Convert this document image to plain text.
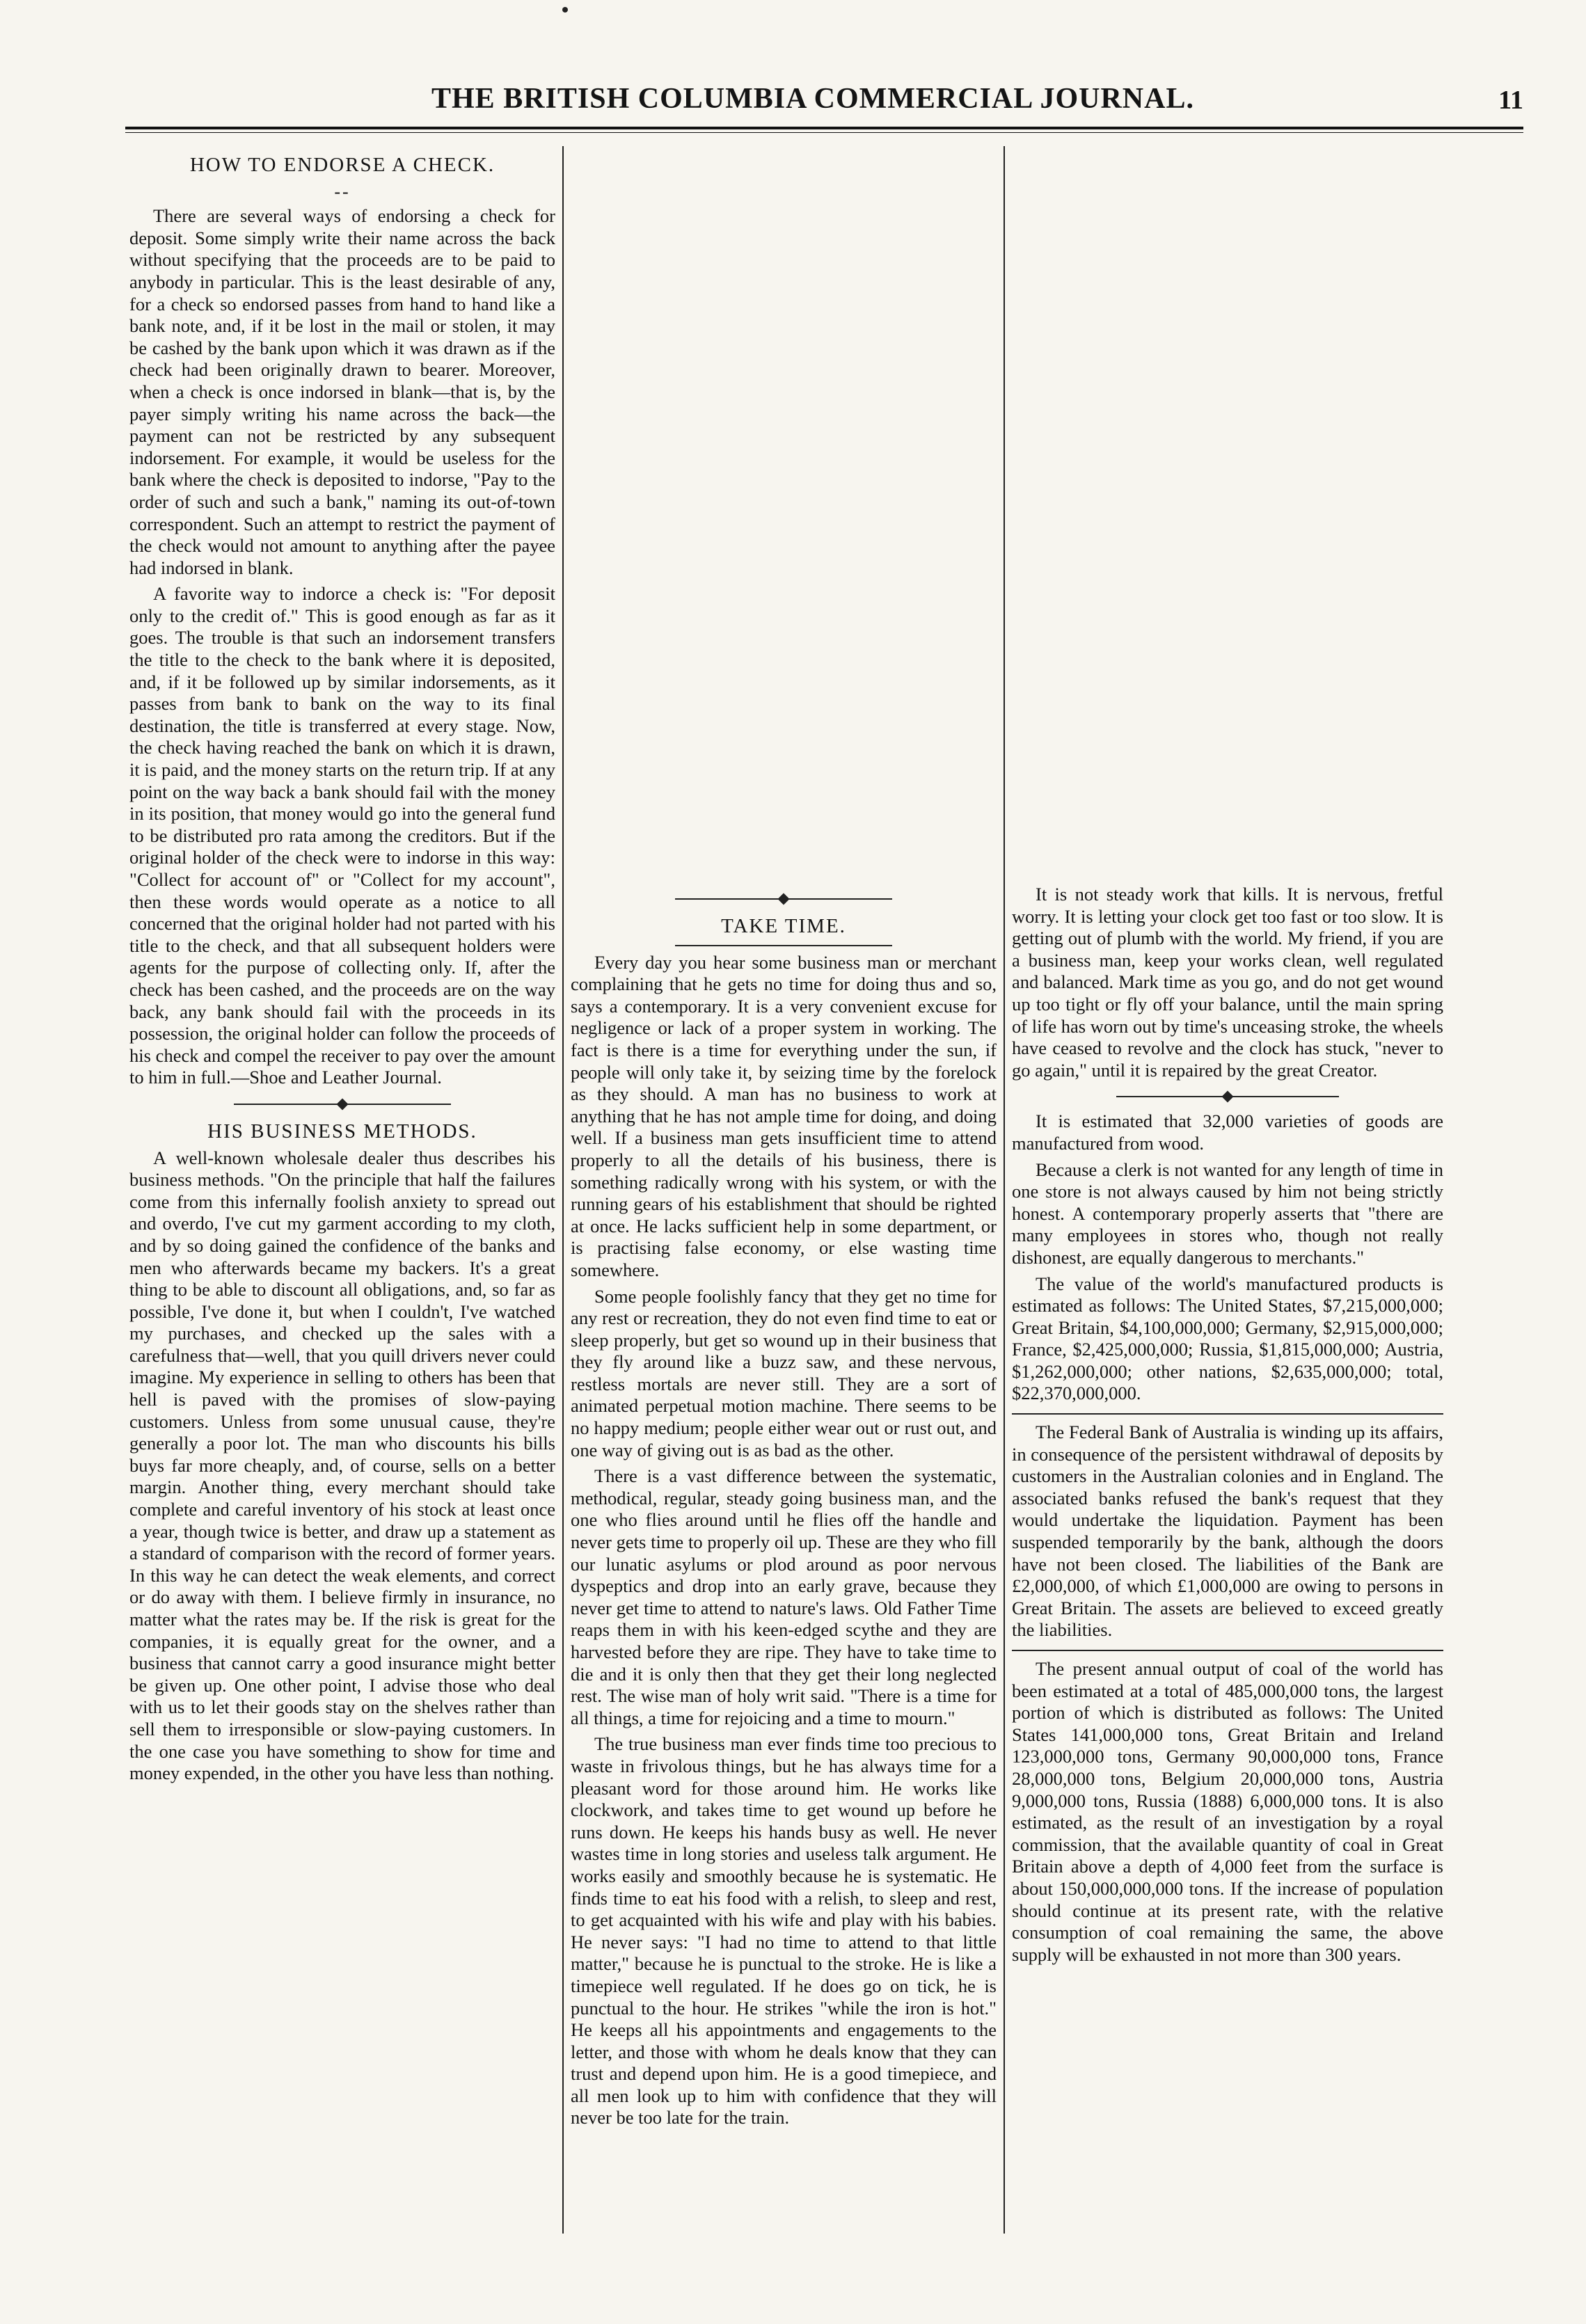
THE BRITISH COLUMBIA COMMERCIAL JOURNAL.	11
HOW TO ENDORSE A CHECK.
--

There are several ways of endorsing a check for deposit. Some simply write their name across the back without specifying that the proceeds are to be paid to anybody in particular. This is the least desirable of any, for a check so endorsed passes from hand to hand like a bank note, and, if it be lost in the mail or stolen, it may be cashed by the bank upon which it was drawn as if the check had been originally drawn to bearer. Moreover, when a check is once indorsed in blank—that is, by the payer simply writing his name across the back—the payment can not be restricted by any subsequent indorsement. For example, it would be useless for the bank where the check is deposited to indorse, "Pay to the order of such and such a bank," naming its out-of-town correspondent. Such an attempt to restrict the payment of the check would not amount to anything after the payee had indorsed in blank.

A favorite way to indorce a check is: "For deposit only to the credit of." This is good enough as far as it goes. The trouble is that such an indorsement transfers the title to the check to the bank where it is deposited, and, if it be followed up by similar indorsements, as it passes from bank to bank on the way to its final destination, the title is transferred at every stage. Now, the check having reached the bank on which it is drawn, it is paid, and the money starts on the return trip. If at any point on the way back a bank should fail with the money in its position, that money would go into the general fund to be distributed pro rata among the creditors. But if the original holder of the check were to indorse in this way: "Collect for account of" or "Collect for my account", then these words would operate as a notice to all concerned that the original holder had not parted with his title to the check, and that all subsequent holders were agents for the purpose of collecting only. If, after the check has been cashed, and the proceeds are on the way back, any bank should fail with the proceeds in its possession, the original holder can follow the proceeds of his check and compel the receiver to pay over the amount to him in full.—Shoe and Leather Journal.

HIS BUSINESS METHODS.

A well-known wholesale dealer thus describes his business methods. "On the principle that half the failures come from this infernally foolish anxiety to spread out and overdo, I've cut my garment according to my cloth, and by so doing gained the confidence of the banks and men who afterwards became my backers. It's a great thing to be able to discount all obligations, and, so far as possible, I've done it, but when I couldn't, I've watched my purchases, and checked up the sales with a carefulness that—well, that you quill drivers never could imagine. My experience in selling to others has been that hell is paved with the promises of slow-paying customers. Unless from some unusual cause, they're generally a poor lot. The man who discounts his bills buys far more cheaply, and, of course, sells on a better margin. Another thing, every merchant should take complete and careful inventory of his stock at least once a year, though twice is better, and draw up a statement as a standard of comparison with the record of former years. In this way he can detect the weak elements, and correct or do away with them. I believe firmly in insurance, no matter what the rates may be. If the risk is great for the companies, it is equally great for the owner, and a business that cannot carry a good insurance might better be given up. One other point, I advise those who deal with us to let their goods stay on the shelves rather than sell them to irresponsible or slow-paying customers. In the one case you have something to show for time and money expended, in the other you have less than nothing.

TAKE TIME.

Every day you hear some business man or merchant complaining that he gets no time for doing thus and so, says a contemporary. It is a very convenient excuse for negligence or lack of a proper system in working. The fact is there is a time for everything under the sun, if people will only take it, by seizing time by the forelock as they should. A man has no business to work at anything that he has not ample time for doing, and doing well. If a business man gets insufficient time to attend properly to all the details of his business, there is something radically wrong with his system, or with the running gears of his establishment that should be righted at once. He lacks sufficient help in some department, or is practising false economy, or else wasting time somewhere.

Some people foolishly fancy that they get no time for any rest or recreation, they do not even find time to eat or sleep properly, but get so wound up in their business that they fly around like a buzz saw, and these nervous, restless mortals are never still. They are a sort of animated perpetual motion machine. There seems to be no happy medium; people either wear out or rust out, and one way of giving out is as bad as the other.

There is a vast difference between the systematic, methodical, regular, steady going business man, and the one who flies around until he flies off the handle and never gets time to properly oil up. These are they who fill our lunatic asylums or plod around as poor nervous dyspeptics and drop into an early grave, because they never get time to attend to nature's laws. Old Father Time reaps them in with his keen-edged scythe and they are harvested before they are ripe. They have to take time to die and it is only then that they get their long neglected rest. The wise man of holy writ said. "There is a time for all things, a time for rejoicing and a time to mourn."

The true business man ever finds time too precious to waste in frivolous things, but he has always time for a pleasant word for those around him. He works like clockwork, and takes time to get wound up before he runs down. He keeps his hands busy as well. He never wastes time in long stories and useless talk argument. He works easily and smoothly because he is systematic. He finds time to eat his food with a relish, to sleep and rest, to get acquainted with his wife and play with his babies. He never says: "I had no time to attend to that little matter," because he is punctual to the stroke. He is like a timepiece well regulated. If he does go on tick, he is punctual to the hour. He strikes "while the iron is hot." He keeps all his appointments and engagements to the letter, and those with whom he deals know that they can trust and depend upon him. He is a good timepiece, and all men look up to him with confidence that they will never be too late for the train.

It is not steady work that kills. It is nervous, fretful worry. It is letting your clock get too fast or too slow. It is getting out of plumb with the world. My friend, if you are a business man, keep your works clean, well regulated and balanced. Mark time as you go, and do not get wound up too tight or fly off your balance, until the main spring of life has worn out by time's unceasing stroke, the wheels have ceased to revolve and the clock has stuck, "never to go again," until it is repaired by the great Creator.

It is estimated that 32,000 varieties of goods are manufactured from wood.

Because a clerk is not wanted for any length of time in one store is not always caused by him not being strictly honest. A contemporary properly asserts that "there are many employees in stores who, though not really dishonest, are equally dangerous to merchants."

The value of the world's manufactured products is estimated as follows: The United States, $7,215,000,000; Great Britain, $4,100,000,000; Germany, $2,915,000,000; France, $2,425,000,000; Russia, $1,815,000,000; Austria, $1,262,000,000; other nations, $2,635,000,000; total, $22,370,000,000.

The Federal Bank of Australia is winding up its affairs, in consequence of the persistent withdrawal of deposits by customers in the Australian colonies and in England. The associated banks refused the bank's request that they would undertake the liquidation. Payment has been suspended temporarily by the bank, although the doors have not been closed. The liabilities of the Bank are £2,000,000, of which £1,000,000 are owing to persons in Great Britain. The assets are believed to exceed greatly the liabilities.

The present annual output of coal of the world has been estimated at a total of 485,000,000 tons, the largest portion of which is distributed as follows: The United States 141,000,000 tons, Great Britain and Ireland 123,000,000 tons, Germany 90,000,000 tons, France 28,000,000 tons, Belgium 20,000,000 tons, Austria 9,000,000 tons, Russia (1888) 6,000,000 tons. It is also estimated, as the result of an investigation by a royal commission, that the available quantity of coal in Great Britain above a depth of 4,000 feet from the surface is about 150,000,000,000 tons. If the increase of population should continue at its present rate, with the relative consumption of coal remaining the same, the above supply will be exhausted in not more than 300 years.
